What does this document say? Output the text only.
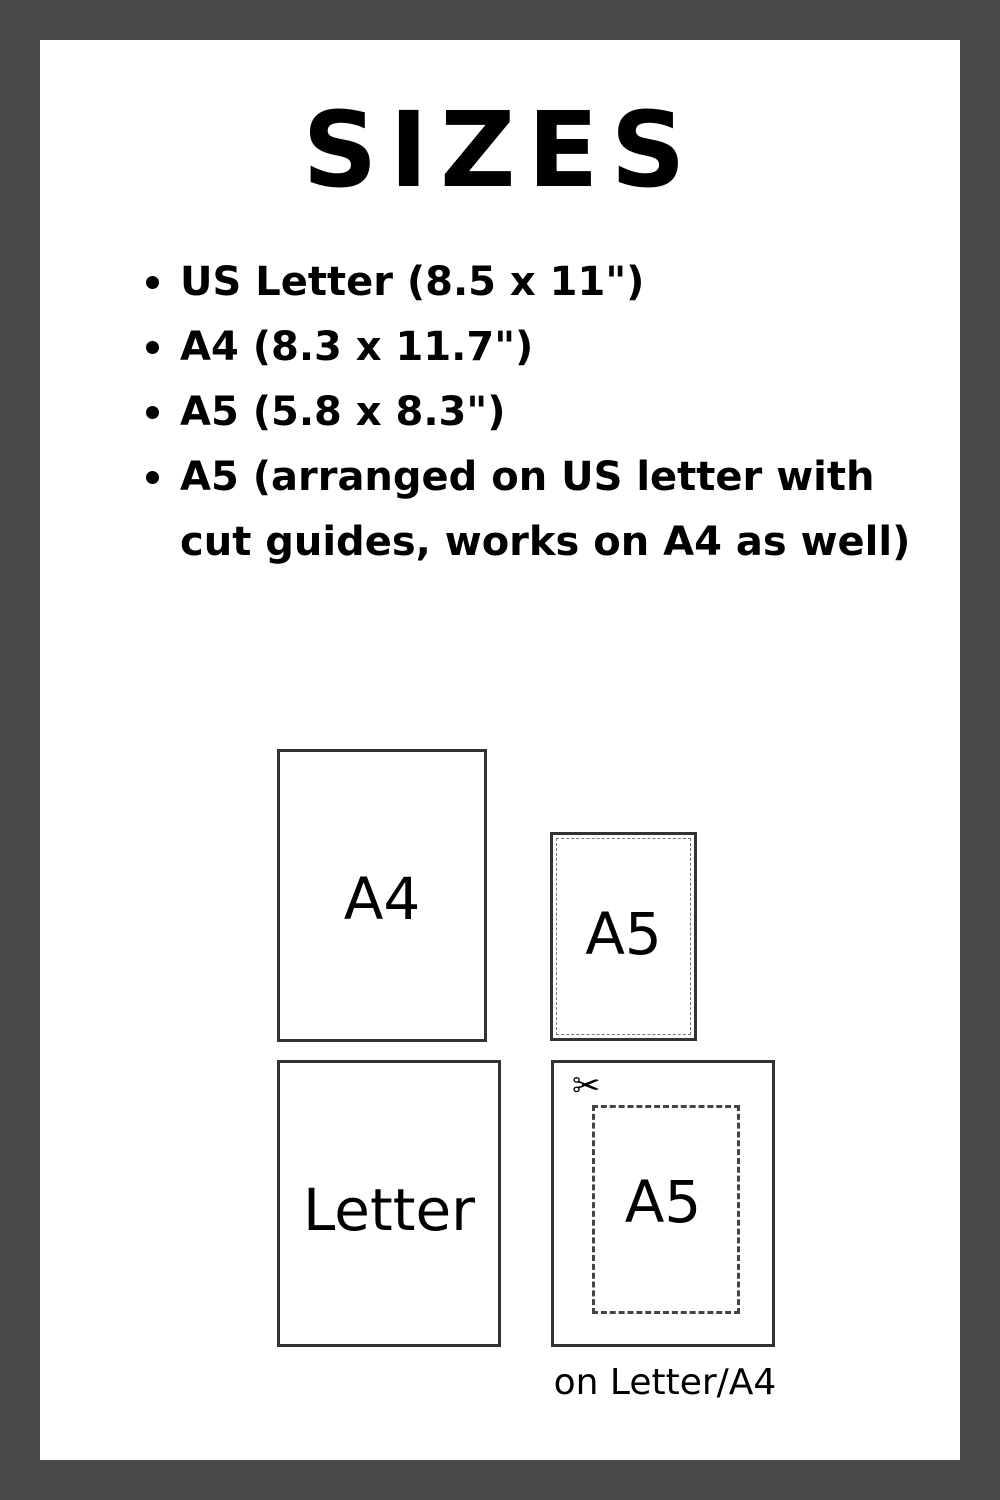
SIZES
US Letter (8.5 x 11")
A4 (8.3 x 11.7")
A5 (5.8 x 8.3")
A5 (arranged on US letter with cut guides, works on A4 as well)
A4
A5
Letter
✂
A5
on Letter/A4
